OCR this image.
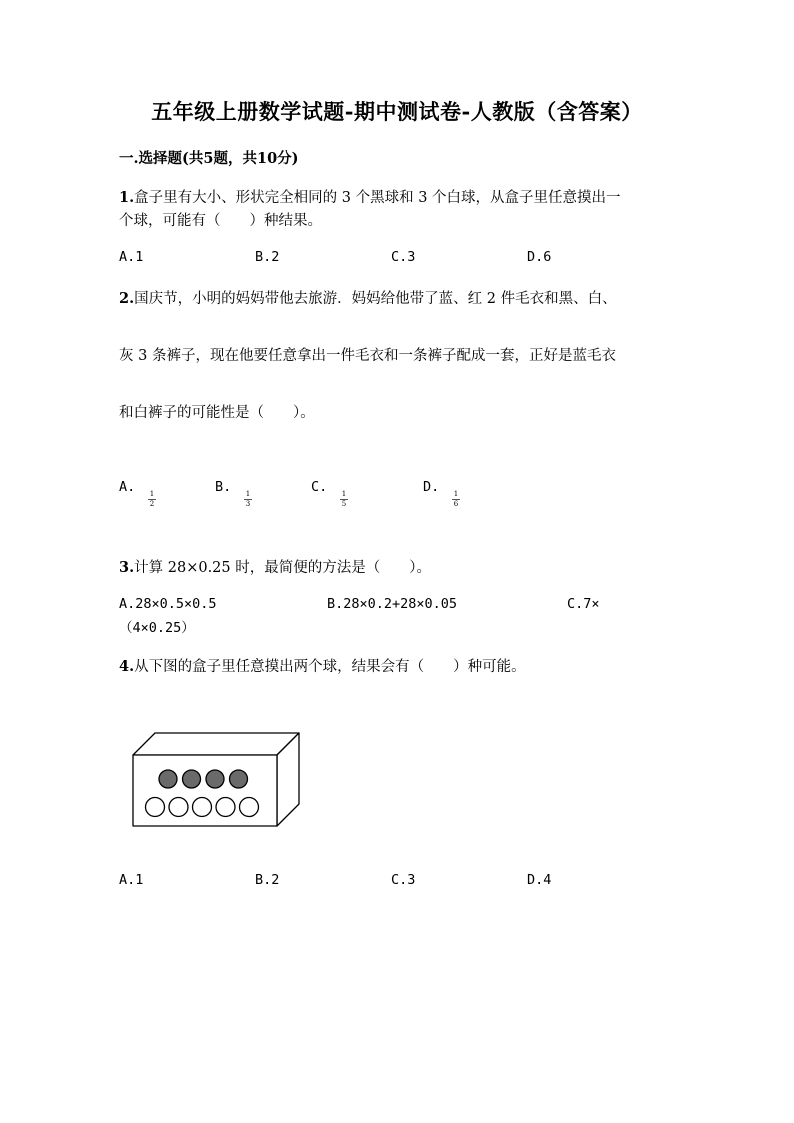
五年级上册数学试题-期中测试卷-人教版（含答案）
一.选择题(共5题，共10分)
1.盒子里有大小、形状完全相同的 3 个黑球和 3 个白球，从盒子里任意摸出一
个球，可能有（　　）种结果。
A.1	B.2	C.3	D.6
2.国庆节，小明的妈妈带他去旅游．妈妈给他带了蓝、红 2 件毛衣和黑、白、
灰 3 条裤子，现在他要任意拿出一件毛衣和一条裤子配成一套，正好是蓝毛衣
和白裤子的可能性是（　　）。
A.	1
2
B.	1
3
C.	1
5
D.	1
6
3.计算 28×0.25 时，最简便的方法是（　　）。
A.28×0.5×0.5	B.28×0.2+28×0.05	C.7×
（4×0.25）
4.从下图的盒子里任意摸出两个球，结果会有（　　）种可能。
A.1	B.2	C.3	D.4
